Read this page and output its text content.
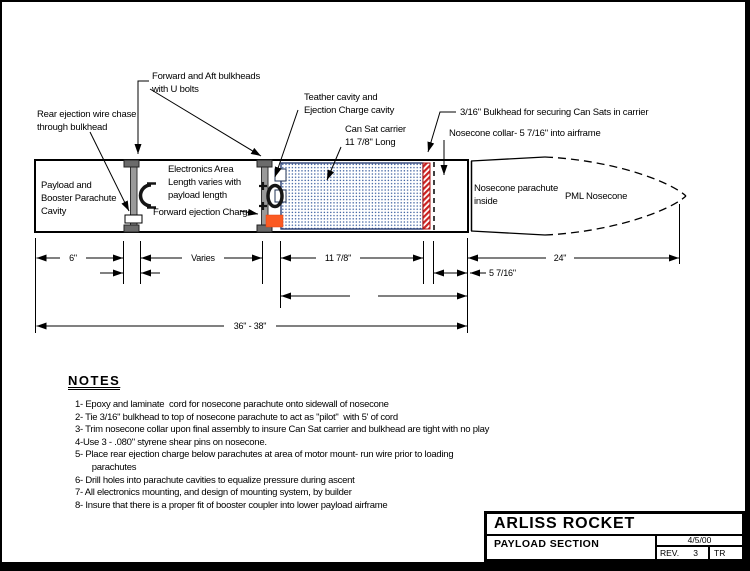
Rear ejection wire chase
through bulkhead
Forward and Aft bulkheads
with U bolts
Teather cavity and
Ejection Charge cavity
Can Sat carrier
11 7/8" Long
3/16" Bulkhead for securing Can Sats in carrier
Nosecone collar- 5 7/16" into airframe
Payload and
Booster Parachute
Cavity
Electronics Area
Length varies with
payload length
Forward ejection Charge
Nosecone parachute
inside	PML Nosecone
6"	Varies	11 7/8"	24"
5 7/16"
36" - 38"
NOTES
1- Epoxy and laminate  cord for nosecone parachute onto sidewall of nosecone
2- Tie 3/16" bulkhead to top of nosecone parachute to act as "pilot"  with 5' of cord
3- Trim nosecone collar upon final assembly to insure Can Sat carrier and bulkhead are tight with no play
4-Use 3 - .080" styrene shear pins on nosecone.
5- Place rear ejection charge below parachutes at area of motor mount- run wire prior to loading
parachutes
6- Drill holes into parachute cavities to equalize pressure during ascent
7- All electronics mounting, and design of mounting system, by builder
8- Insure that there is a proper fit of booster coupler into lower payload airframe
ARLISS ROCKET
PAYLOAD SECTION	4/5/00
REV. 3 TR
